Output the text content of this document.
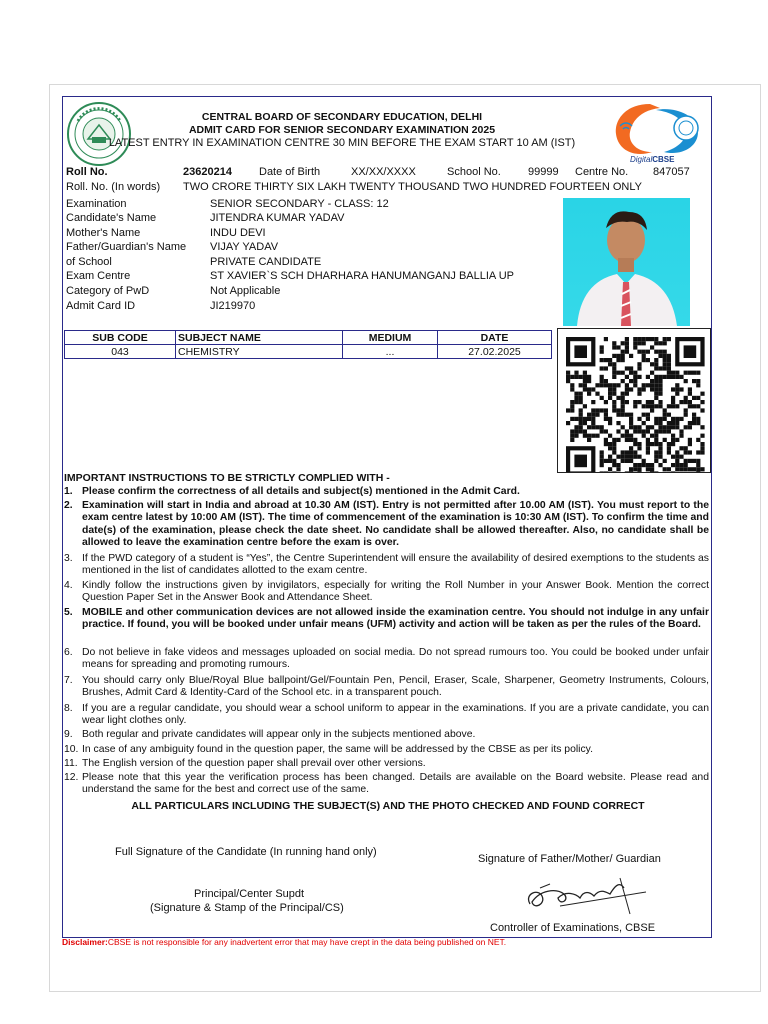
DigitalCBSE
CENTRAL BOARD OF SECONDARY EDUCATION, DELHI
ADMIT CARD FOR SENIOR SECONDARY EXAMINATION 2025
LATEST ENTRY IN EXAMINATION CENTRE 30 MIN BEFORE THE EXAM START 10 AM (IST)
Roll No.	23620214 Date of Birth	XX/XX/XXXX	School No. 99999 Centre No. 847057
Roll. No. (In words) TWO CRORE THIRTY SIX LAKH TWENTY THOUSAND TWO HUNDRED FOURTEEN ONLY
Examination	SENIOR SECONDARY - CLASS: 12
Candidate's Name	JITENDRA KUMAR YADAV
Mother's Name	INDU DEVI
Father/Guardian's Name VIJAY YADAV
of School	PRIVATE CANDIDATE
Exam Centre	ST XAVIER`S SCH DHARHARA HANUMANGANJ BALLIA UP
Category of PwD	Not Applicable
Admit Card ID	JI219970
SUB CODE	SUBJECT NAME	MEDIUM	DATE
043	CHEMISTRY	...	27.02.2025
IMPORTANT INSTRUCTIONS TO BE STRICTLY COMPLIED WITH -
1. Please confirm the correctness of all details and subject(s) mentioned in the Admit Card.
2. Examination will start in India and abroad at 10.30 AM (IST). Entry is not permitted after 10.00 AM (IST). You must report to the exam centre latest by 10:00 AM (IST). The time of commencement of the examination is 10:30 AM (IST). To confirm the time and date(s) of the examination, please check the date sheet. No candidate shall be allowed thereafter. Also, no candidate shall be allowed to leave the examination centre before the exam is over.
3. If the PWD category of a student is “Yes”, the Centre Superintendent will ensure the availability of desired exemptions to the students as mentioned in the list of candidates allotted to the exam centre.
4. Kindly follow the instructions given by invigilators, especially for writing the Roll Number in your Answer Book. Mention the correct Question Paper Set in the Answer Book and Attendance Sheet.
5. MOBILE and other communication devices are not allowed inside the examination centre. You should not indulge in any unfair practice. If found, you will be booked under unfair means (UFM) activity and action will be taken as per the rules of the Board.
6. Do not believe in fake videos and messages uploaded on social media. Do not spread rumours too. You could be booked under unfair means for spreading and promoting rumours.
7. You should carry only Blue/Royal Blue ballpoint/Gel/Fountain Pen, Pencil, Eraser, Scale, Sharpener, Geometry Instruments, Colours, Brushes, Admit Card & Identity-Card of the School etc. in a transparent pouch.
8. If you are a regular candidate, you should wear a school uniform to appear in the examinations. If you are a private candidate, you can wear light clothes only.
9. Both regular and private candidates will appear only in the subjects mentioned above.
10. In case of any ambiguity found in the question paper, the same will be addressed by the CBSE as per its policy.
11. The English version of the question paper shall prevail over other versions.
12. Please note that this year the verification process has been changed. Details are available on the Board website. Please read and understand the same for the best and correct use of the same.
ALL PARTICULARS INCLUDING THE SUBJECT(S) AND THE PHOTO CHECKED AND FOUND CORRECT
Full Signature of the Candidate (In running hand only)
Signature of Father/Mother/ Guardian
Principal/Center Supdt
(Signature & Stamp of the Principal/CS)
Controller of Examinations, CBSE
Disclaimer:CBSE is not responsible for any inadvertent error that may have crept in the data being published on NET.
